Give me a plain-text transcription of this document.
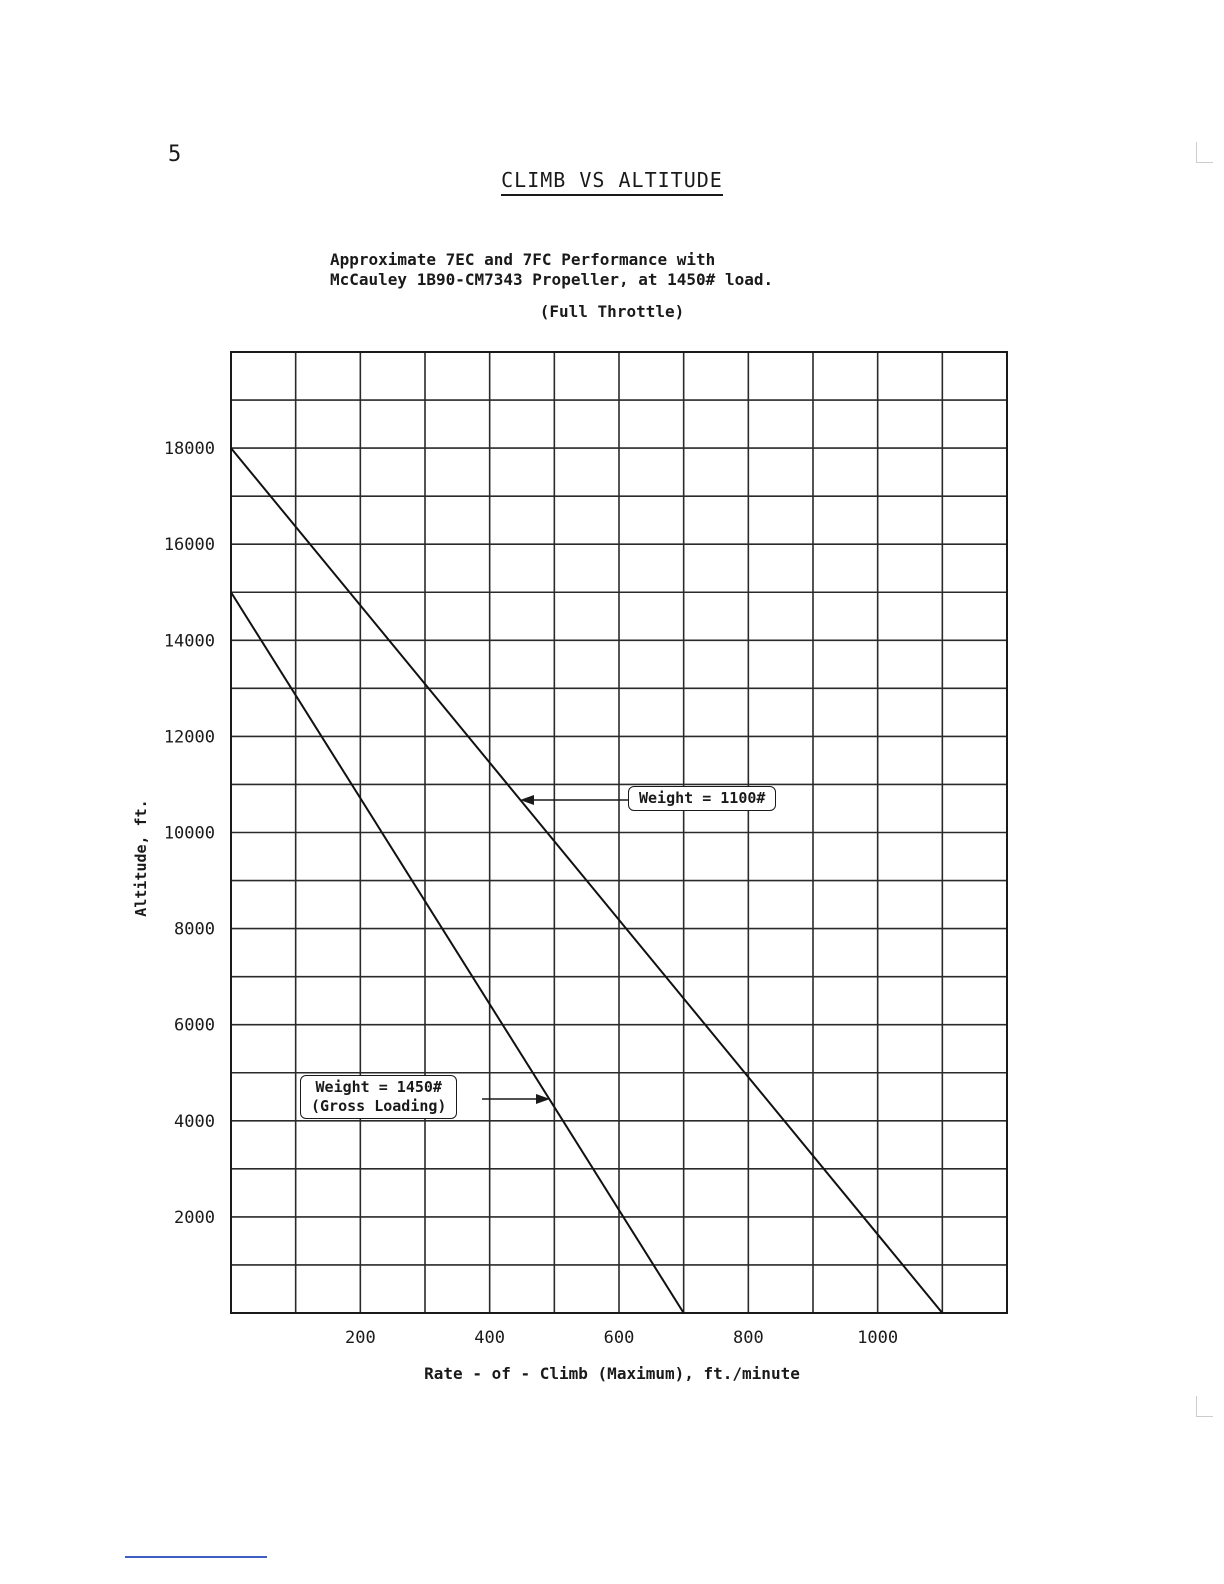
5
CLIMB VS ALTITUDE
Approximate 7EC and 7FC Performance with
McCauley 1B90-CM7343 Propeller, at 1450# load.
(Full Throttle)
200	400	600	800	1000
2000
4000
6000
8000
10000
12000
14000
16000
18000
Altitude, ft.
Rate - of - Climb (Maximum), ft./minute
Weight = 1100#
Weight = 1450#
(Gross Loading)
